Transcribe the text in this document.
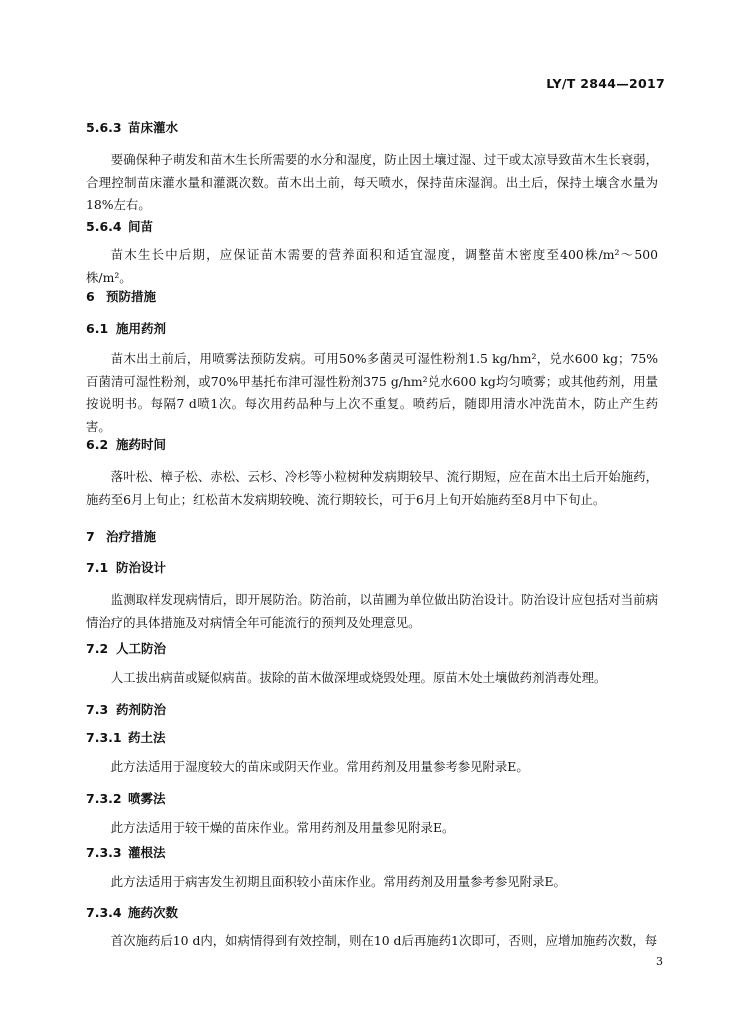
LY/T 2844—2017
5.6.3 苗床灌水
要确保种子萌发和苗木生长所需要的水分和湿度，防止因土壤过湿、过干或太凉导致苗木生长衰弱，合理控制苗床灌水量和灌溉次数。苗木出土前，每天喷水，保持苗床湿润。出土后，保持土壤含水量为18%左右。
5.6.4 间苗
苗木生长中后期，应保证苗木需要的营养面积和适宜湿度，调整苗木密度至400株/m²～500株/m²。
6 预防措施
6.1 施用药剂
苗木出土前后，用喷雾法预防发病。可用50%多菌灵可湿性粉剂1.5 kg/hm²，兑水600 kg；75%百菌清可湿性粉剂，或70%甲基托布津可湿性粉剂375 g/hm²兑水600 kg均匀喷雾；或其他药剂，用量按说明书。每隔7 d喷1次。每次用药品种与上次不重复。喷药后，随即用清水冲洗苗木，防止产生药害。
6.2 施药时间
落叶松、樟子松、赤松、云杉、冷杉等小粒树种发病期较早、流行期短，应在苗木出土后开始施药，施药至6月上旬止；红松苗木发病期较晚、流行期较长，可于6月上旬开始施药至8月中下旬止。
7 治疗措施
7.1 防治设计
监测取样发现病情后，即开展防治。防治前，以苗圃为单位做出防治设计。防治设计应包括对当前病情治疗的具体措施及对病情全年可能流行的预判及处理意见。
7.2 人工防治
人工拔出病苗或疑似病苗。拔除的苗木做深埋或烧毁处理。原苗木处土壤做药剂消毒处理。
7.3 药剂防治
7.3.1 药土法
此方法适用于湿度较大的苗床或阴天作业。常用药剂及用量参考参见附录E。
7.3.2 喷雾法
此方法适用于较干燥的苗床作业。常用药剂及用量参见附录E。
7.3.3 灌根法
此方法适用于病害发生初期且面积较小苗床作业。常用药剂及用量参考参见附录E。
7.3.4 施药次数
首次施药后10 d内，如病情得到有效控制，则在10 d后再施药1次即可，否则，应增加施药次数，每
3
